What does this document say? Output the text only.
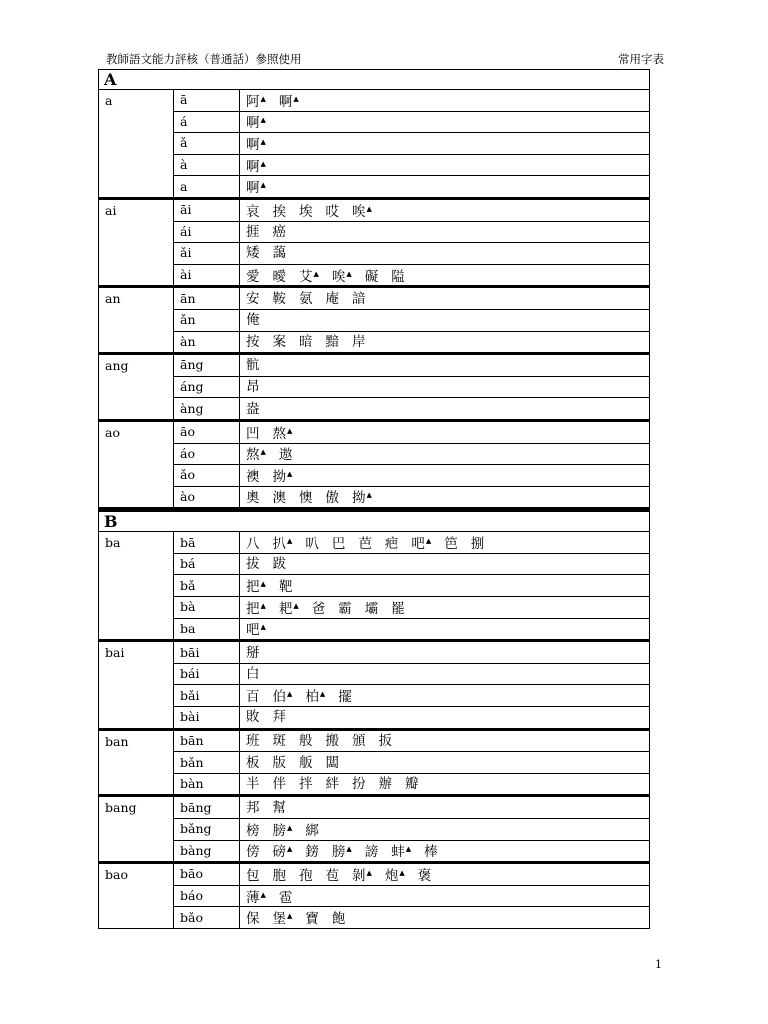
教師語文能力評核（普通話）參照使用	常用字表
A		
a	ā	阿▲ 啊▲
	á	啊▲
	ǎ	啊▲
	à	啊▲
	a	啊▲
ai	āi	哀 挨 埃 哎 唉▲
	ái	捱 癌
	ǎi	矮 藹
	ài	愛 曖 艾▲ 唉▲ 礙 隘
an	ān	安 鞍 氨 庵 諳
	ǎn	俺
	àn	按 案 暗 黯 岸
ang	āng	骯
	áng	昂
	àng	盎
ao	āo	凹 熬▲
	áo	熬▲ 遨
	ǎo	襖 拗▲
	ào	奧 澳 懊 傲 拗▲
B		
ba	bā	八 扒▲ 叭 巴 芭 疤 吧▲ 笆 捌
	bá	拔 跋
	bǎ	把▲ 靶
	bà	把▲ 耙▲ 爸 霸 壩 罷
	ba	吧▲
bai	bāi	掰
	bái	白
	bǎi	百 伯▲ 柏▲ 擺
	bài	敗 拜
ban	bān	班 斑 般 搬 頒 扳
	bǎn	板 版 舨 闆
	bàn	半 伴 拌 絆 扮 辦 瓣
bang	bāng	邦 幫
	bǎng	榜 膀▲ 綁
	bàng	傍 磅▲ 鎊 膀▲ 謗 蚌▲ 棒
bao	bāo	包 胞 孢 苞 剝▲ 炮▲ 褒
	báo	薄▲ 雹
	bǎo	保 堡▲ 寶 飽
1
